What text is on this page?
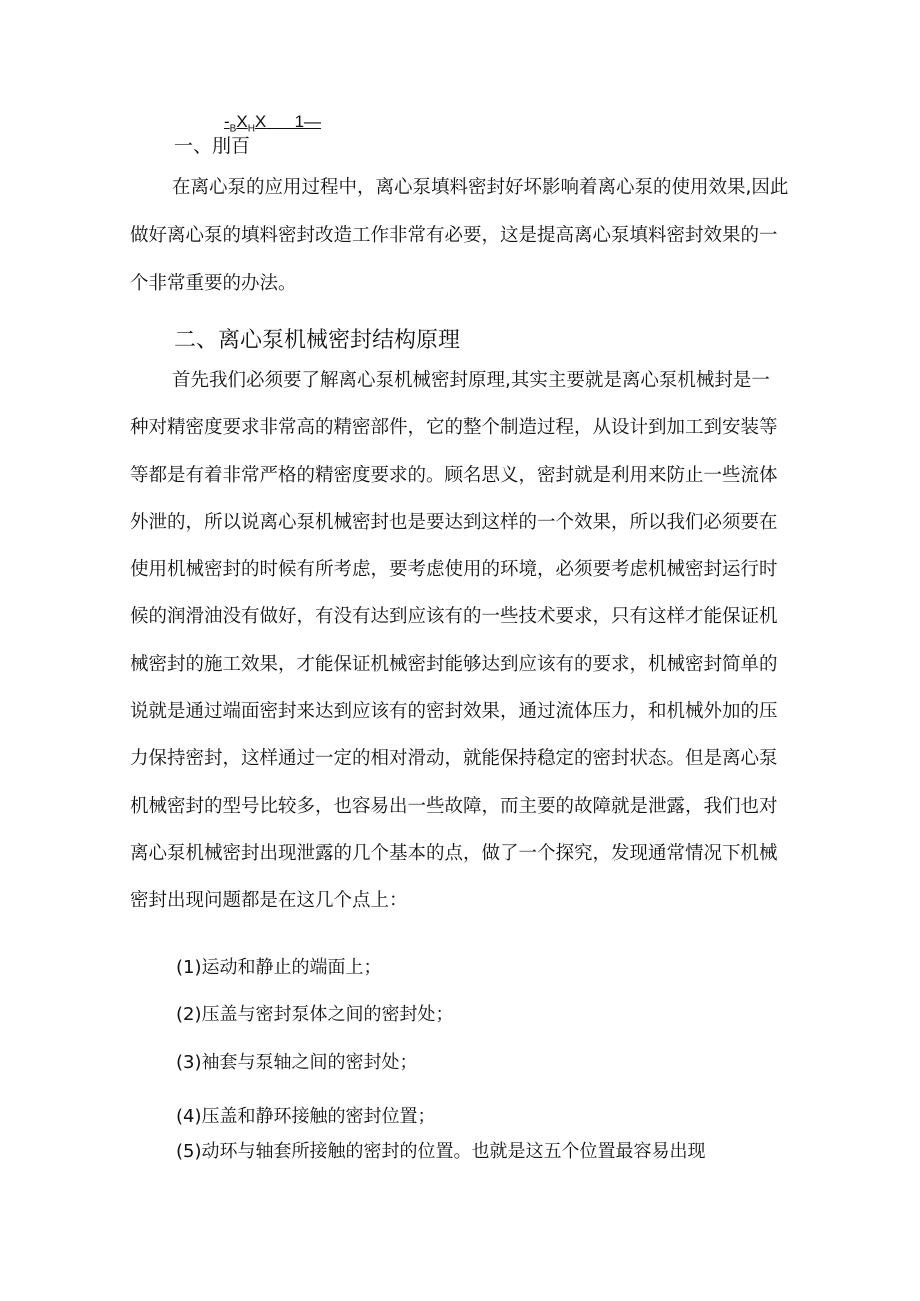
$-_BX_HX$      1—
一、刖百
在离心泵的应用过程中，离心泵填料密封好坏影响着离心泵的使用效果,因此
做好离心泵的填料密封改造工作非常有必要，这是提高离心泵填料密封效果的一
个非常重要的办法。
二、离心泵机械密封结构原理
首先我们必须要了解离心泵机械密封原理,其实主要就是离心泵机械封是一
种对精密度要求非常高的精密部件，它的整个制造过程，从设计到加工到安装等
等都是有着非常严格的精密度要求的。顾名思义，密封就是利用来防止一些流体
外泄的，所以说离心泵机械密封也是要达到这样的一个效果，所以我们必须要在
使用机械密封的时候有所考虑，要考虑使用的环境，必须要考虑机械密封运行时
候的润滑油没有做好，有没有达到应该有的一些技术要求，只有这样才能保证机
械密封的施工效果，才能保证机械密封能够达到应该有的要求，机械密封简单的
说就是通过端面密封来达到应该有的密封效果，通过流体压力，和机械外加的压
力保持密封，这样通过一定的相对滑动，就能保持稳定的密封状态。但是离心泵
机械密封的型号比较多，也容易出一些故障，而主要的故障就是泄露，我们也对
离心泵机械密封出现泄露的几个基本的点，做了一个探究，发现通常情况下机械
密封出现问题都是在这几个点上：
(1)运动和静止的端面上；
(2)压盖与密封泵体之间的密封处；
(3)袖套与泵轴之间的密封处；
(4)压盖和静环接触的密封位置；
(5)动环与轴套所接触的密封的位置。也就是这五个位置最容易出现
